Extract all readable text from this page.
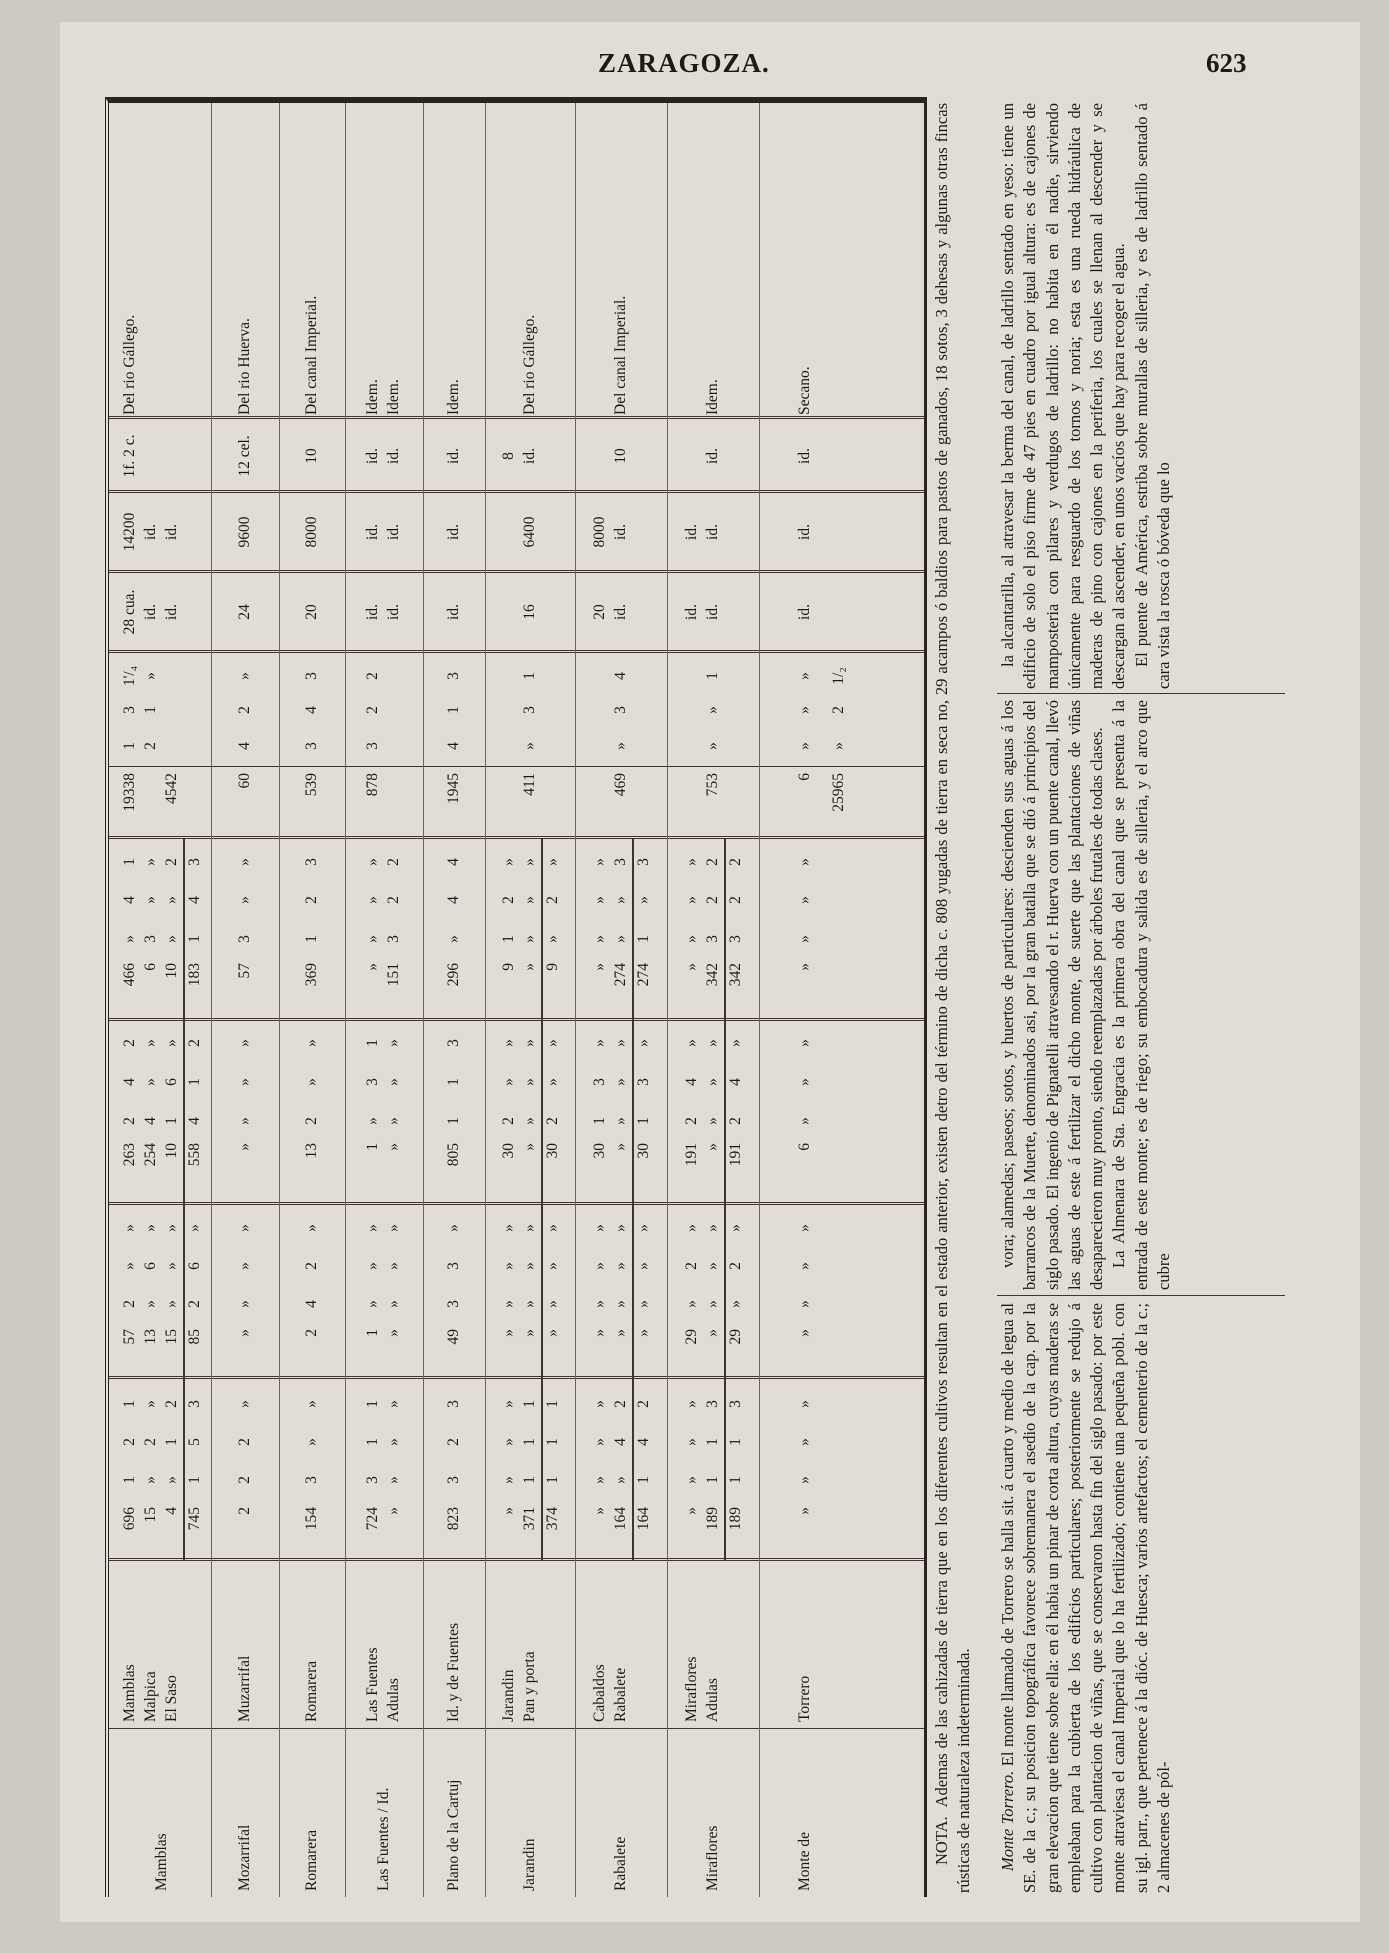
ZARAGOZA.	623
Mamblas
Mamblas
696
1
2
1
57
2
»
»
263
2
4
2
466
»
4
1
19338
1
3
1'/₄
28 cua.
14200
1f. 2 c.
Del rio Gállego.
Malpica
15
»
2
»
13
»
6
»
254
4
»
»
6
3
»
»
2
1
»
id.
id.
El Saso
4
»
1
2
15
»
»
»
10
1
6
»
10
»
»
2
4542
id.
id.
745
1
5
3
85
2
6
»
558
4
1
2
183
1
4
3
Mozarrifal
Muzarrifal
2
2
2
»
»
»
»
»
»
»
»
»
57
3
»
»
60
4
2
»
24
9600
12 cel.
Del rio Huerva.
Romarera
Romarera
154
3
»
»
2
4
2
»
13
2
»
»
369
1
2
3
539
3
4
3
20
8000
10
Del canal Imperial.
Las Fuentes / Id.
Las Fuentes
724
3
1
1
1
»
»
»
1
»
3
1
»
»
»
»
878
3
2
2
id.
id.
id.
Idem.
Adulas
»
»
»
»
»
»
»
»
»
»
»
»
151
3
2
2
id.
id.
id.
Idem.
Plano de la Cartuj
Id. y de Fuentes
823
3
2
3
49
3
3
»
805
1
1
3
296
»
4
4
1945
4
1
3
id.
id.
id.
Idem.
Jarandin
Jarandin
»
»
»
»
»
»
»
»
30
2
»
»
9
1
2
»
8
Pan y porta
371
1
1
1
»
»
»
»
»
»
»
»
»
»
»
»
411
»
3
1
16
6400
id.
Del rio Gállego.
374
1
1
1
»
»
»
»
30
2
»
»
9
»
2
»
Rabalete
Cabaldos
»
»
»
»
»
»
»
»
30
1
3
»
»
»
»
»
20
8000
Rabalete
164
»
4
2
»
»
»
»
»
»
»
»
274
»
»
3
469
»
3
4
id.
id.
10
Del canal Imperial.
164
1
4
2
»
»
»
»
30
1
3
»
274
1
»
3
Miraflores
Miraflores
»
»
»
»
29
»
2
»
191
2
4
»
»
»
»
»
id.
id.
Adulas
189
1
1
3
»
»
»
»
»
»
»
»
342
3
2
2
753
»
»
1
id.
id.
id.
Idem.
189
1
1
3
29
»
2
»
191
2
4
»
342
3
2
2
Monte de
Torrero
»
»
»
»
»
»
»
»
6
»
»
»
»
»
»
»
6
»
»
»
id.
id.
id.
Secano.
25965
»
2
1/₂

NOTA.  Ademas de las cahizadas de tierra que en los diferentes cultivos resultan en el estado anterior, existen detro del término de dicha c. 808 yugadas de tierra en seca no, 29 acampos ó baldios para pastos de ganados, 18 sotos, 3 dehesas y algunas otras fincas rústicas de naturaleza indeterminada. Monte Torrero. El monte llamado de Torrero se halla sit. á cuarto y medio de legua al SE. de la c.; su posicion topográfica favorece sobremanera el asedio de la cap. por la gran elevacion que tiene sobre ella: en él habia un pinar de corta altura, cuyas maderas se empleaban para la cubierta de los edificios particulares; posteriormente se redujo á cultivo con plantacion de viñas, que se conservaron hasta fin del siglo pasado: por este monte atraviesa el canal Imperial que lo ha fertilizado; contiene una pequeña pobl. con su igl. parr., que pertenece á la dióc. de Huesca; varios artefactos; el cementerio de la c.; 2 almacenes de pól-

vora; alamedas; paseos; sotos, y huertos de particulares: descienden sus aguas á los barrancos de la Muerte, denominados asi, por la gran batalla que se dió á principios del siglo pasado. El ingenio de Pignatelli atravesando el r. Huerva con un puente canal, llevó las aguas de este á fertilizar el dicho monte, de suerte que las plantaciones de viñas desaparecieron muy pronto, siendo reemplazadas por árboles frutales de todas clases. La Almenara de Sta. Engracia es la primera obra del canal que se presenta á la entrada de este monte; es de riego; su embocadura y salida es de silleria, y el arco que cubre

la alcantarilla, al atravesar la berma del canal, de ladrillo sentado en yeso: tiene un edificio de solo el piso firme de 47 pies en cuadro por igual altura: es de cajones de mamposteria con pilares y verdugos de ladrillo: no habita en él nadie, sirviendo únicamente para resguardo de los tornos y noria; esta es una rueda hidráulica de maderas de pino con cajones en la periferia, los cuales se llenan al descender y se descargan al ascender, en unos vacíos que hay para recoger el agua. El puente de América, estriba sobre murallas de silleria, y es de ladrillo sentado á cara vista la rosca ó bóveda que lo
